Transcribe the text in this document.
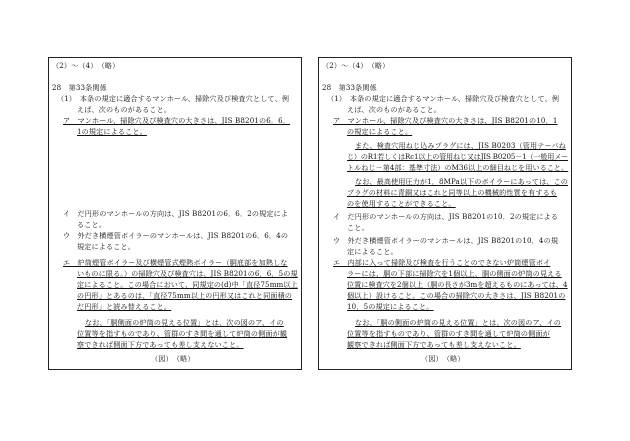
（2）～（4）　（略）

28　第33条関係

（1）　本条の規定に適合するマンホール、掃除穴及び検査穴として、例

えば、次のものがあること。

ア　マンホール、掃除穴及び検査穴の大きさは、JIS B8201の6．6．

1の規定によること。

イ　だ円形のマンホールの方向は、JIS B8201の6．6．2の規定によ

ること。

ウ　外だき横煙管ボイラーのマンホールは、JIS B8201の6．6．4の

規定によること。

エ　炉筒煙管ボイラー及び横煙管式煙熱ボイラー（胴底部を加熱しな

いものに限る。）の掃除穴及び検査穴は、JIS B8201の6．6．5の規

定によること。この場合において、同規定の(d)中「直径75mm以上

の円形」とあるのは、「直径75mm以上の円形又はこれと同面積の

だ円形」と読み替えること。

なお、「胴側面の炉筒の見える位置」とは、次の図のア、イの

位置等を指すものであり、管群のすき間を通して炉筒の側面が観

察できれば側面下方であっても差し支えないこと。

（図）　（略）

（2）～（4）　（略）

28　第33条関係

（1）　本条の規定に適合するマンホール、掃除穴及び検査穴として、例

えば、次のものがあること。

ア　マンホール、掃除穴及び検査穴の大きさは、JIS B8201の10．1

の規定によること。

また、検査穴用ねじ込みプラグには、JIS B0203（管用テーパね

じ）のR1若しくはRc1以上の管用ねじ又はJIS B0205－1（一般用メー

トルねじ－第4部：基準寸法）のM36以上の細目ねじを用いること。

なお、最高使用圧力が1．8MPa以下のボイラーにあっては、この

プラグの材料に青銅又はこれと同等以上の機械的性質を有するも

のを使用することができること。

イ　だ円形のマンホールの方向は、JIS B8201の10．2の規定による

こと。

ウ　外だき横煙管ボイラーのマンホールは、JIS B8201の10．4の規

定によること。

エ　内部に入って掃除及び検査を行うことのできない炉筒煙管ボイ

ラーには、胴の下部に掃除穴を1個以上、胴の側面の炉筒の見える

位置に検査穴を2個以上（胴の長さが3mを超えるものにあっては、4

個以上）設けること。この場合の掃除穴の大きさは、JIS B8201の

10．5の規定によること。

なお、「胴の側面の炉筒の見える位置」とは、次の図のア、イの

位置等を指すものであり、管群のすき間を通して炉筒の側面が

観察できれば側面下方であっても差し支えないこと。

（図）　（略）
